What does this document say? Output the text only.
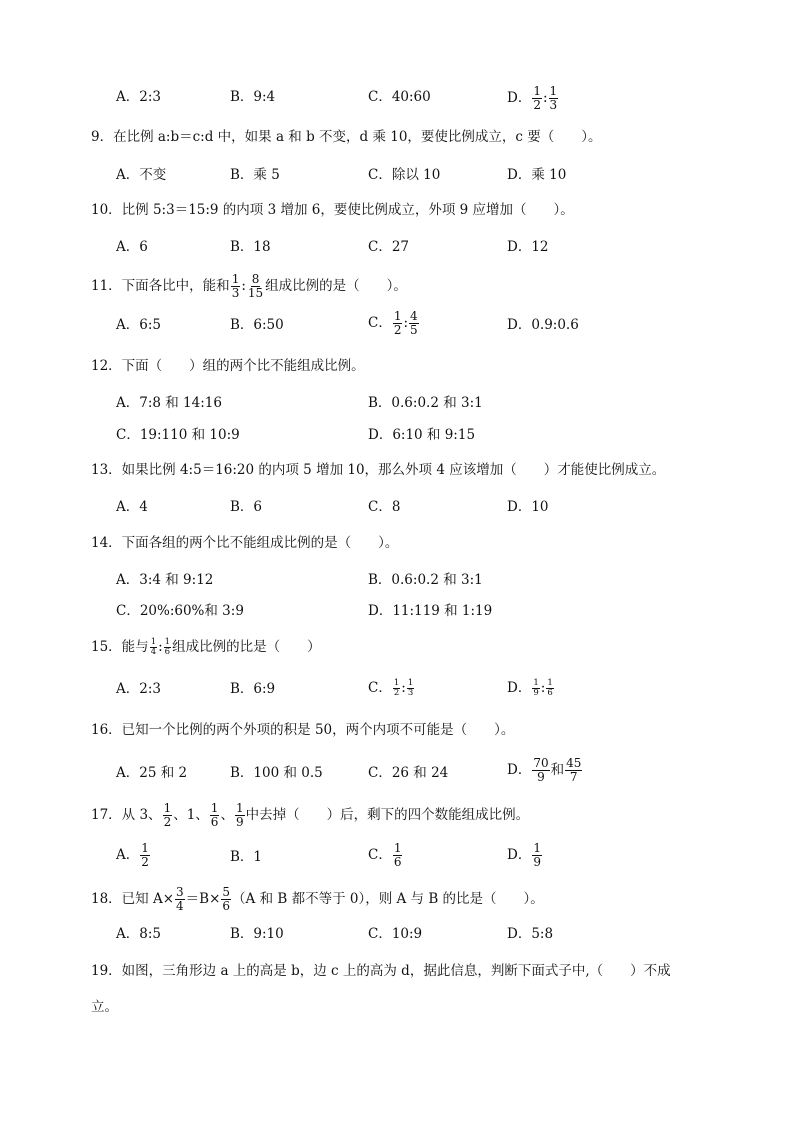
A．2:3	B．9:4	C．40:60	D． $\frac{1}{2}$ : $\frac{1}{3}$
9．在比例 a:b＝c:d 中，如果 a 和 b 不变，d 乘 10，要使比例成立，c 要（　　）。
A．不变	B．乘 5	C．除以 10	D．乘 10
10．比例 5:3＝15:9 的内项 3 增加 6，要使比例成立，外项 9 应增加（　　）。
A．6	B．18	C．27	D．12
11．下面各比中，能和 $\frac{1}{3}$ : $\frac{8}{15}$ 组成比例的是（　　）。
A．6:5	B．6:50	C． $\frac{1}{2}$ : $\frac{4}{5}$	D．0.9:0.6
12．下面（　　）组的两个比不能组成比例。
A．7:8 和 14:16	B．0.6:0.2 和 3:1
C．19:110 和 10:9	D．6:10 和 9:15
13．如果比例 4:5＝16:20 的内项 5 增加 10，那么外项 4 应该增加（　　）才能使比例成立。
A．4	B．6	C．8	D．10
14．下面各组的两个比不能组成比例的是（　　）。
A．3:4 和 9:12	B．0.6:0.2 和 3:1
C．20%:60%和 3:9	D．11:119 和 1:19
15．能与 $\frac{1}{4}$ : $\frac{1}{6}$ 组成比例的比是（　　）
A．2:3	B．6:9	C． $\frac{1}{2}$ : $\frac{1}{3}$	D． $\frac{1}{9}$ : $\frac{1}{6}$
16．已知一个比例的两个外项的积是 50，两个内项不可能是（　　）。
A．25 和 2	B．100 和 0.5	C．26 和 24	D． $\frac{70}{9}$ 和 $\frac{45}{7}$
17．从 3、 $\frac{1}{2}$ 、1、 $\frac{1}{6}$ 、 $\frac{1}{9}$ 中去掉（　　）后，剩下的四个数能组成比例。
A． $\frac{1}{2}$	B．1	C． $\frac{1}{6}$	D． $\frac{1}{9}$
18．已知 $A\times \frac{3}{4} =B\times \frac{5}{6} (A$ 和 B 都不等于 0），则 A 与 B 的比是（　　）。
A．8:5	B．9:10	C．10:9	D．5:8
19．如图，三角形边 a 上的高是 b，边 c 上的高为 d，据此信息，判断下面式子中,（　　）不成
立。
